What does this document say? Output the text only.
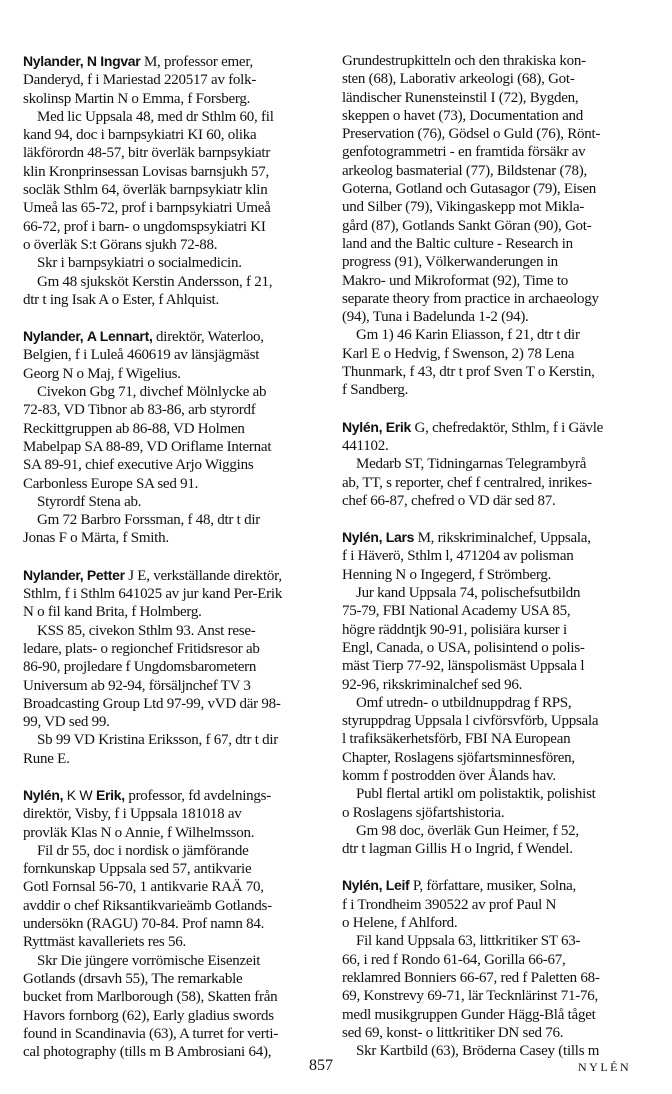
Nylander, N Ingvar M, professor emer,

Danderyd, f i Mariestad 220517 av folk-

skolinsp Martin N o Emma, f Forsberg.

Med lic Uppsala 48, med dr Sthlm 60, fil

kand 94, doc i barnpsykiatri KI 60, olika

läkförordn 48-57, bitr överläk barnpsykiatr

klin Kronprinsessan Lovisas barnsjukh 57,

socläk Sthlm 64, överläk barnpsykiatr klin

Umeå las 65-72, prof i barnpsykiatri Umeå

66-72, prof i barn- o ungdomspsykiatri KI

o överläk S:t Görans sjukh 72-88.

Skr i barnpsykiatri o socialmedicin.

Gm 48 sjuksköt Kerstin Andersson, f 21,

dtr t ing Isak A o Ester, f Ahlquist.

Nylander, A Lennart, direktör, Waterloo,

Belgien, f i Luleå 460619 av länsjägmäst

Georg N o Maj, f Wigelius.

Civekon Gbg 71, divchef Mölnlycke ab

72-83, VD Tibnor ab 83-86, arb styrordf

Reckittgruppen ab 86-88, VD Holmen

Mabelpap SA 88-89, VD Oriflame Internat

SA 89-91, chief executive Arjo Wiggins

Carbonless Europe SA sed 91.

Styrordf Stena ab.

Gm 72 Barbro Forssman, f 48, dtr t dir

Jonas F o Märta, f Smith.

Nylander, Petter J E, verkställande direktör,

Sthlm, f i Sthlm 641025 av jur kand Per-Erik

N o fil kand Brita, f Holmberg.

KSS 85, civekon Sthlm 93. Anst rese-

ledare, plats- o regionchef Fritidsresor ab

86-90, projledare f Ungdomsbarometern

Universum ab 92-94, försäljnchef TV 3

Broadcasting Group Ltd 97-99, vVD där 98-

99, VD sed 99.

Sb 99 VD Kristina Eriksson, f 67, dtr t dir

Rune E.

Nylén, K W Erik, professor, fd avdelnings-

direktör, Visby, f i Uppsala 181018 av

provläk Klas N o Annie, f Wilhelmsson.

Fil dr 55, doc i nordisk o jämförande

fornkunskap Uppsala sed 57, antikvarie

Gotl Fornsal 56-70, 1 antikvarie RAÄ 70,

avddir o chef Riksantikvarieämb Gotlands-

undersökn (RAGU) 70-84. Prof namn 84.

Ryttmäst kavalleriets res 56.

Skr Die jüngere vorrömische Eisenzeit

Gotlands (drsavh 55), The remarkable

bucket from Marlborough (58), Skatten från

Havors fornborg (62), Early gladius swords

found in Scandinavia (63), A turret for verti-

cal photography (tills m B Ambrosiani 64),

Grundestrupkitteln och den thrakiska kon-

sten (68), Laborativ arkeologi (68), Got-

ländischer Runensteinstil I (72), Bygden,

skeppen o havet (73), Documentation and

Preservation (76), Gödsel o Guld (76), Rönt-

genfotogrammetri - en framtida försäkr av

arkeolog basmaterial (77), Bildstenar (78),

Goterna, Gotland och Gutasagor (79), Eisen

und Silber (79), Vikingaskepp mot Mikla-

gård (87), Gotlands Sankt Göran (90), Got-

land and the Baltic culture - Research in

progress (91), Völkerwanderungen in

Makro- und Mikroformat (92), Time to

separate theory from practice in archaeology

(94), Tuna i Badelunda 1-2 (94).

Gm 1) 46 Karin Eliasson, f 21, dtr t dir

Karl E o Hedvig, f Swenson, 2) 78 Lena

Thunmark, f 43, dtr t prof Sven T o Kerstin,

f Sandberg.

Nylén, Erik G, chefredaktör, Sthlm, f i Gävle

441102.

Medarb ST, Tidningarnas Telegrambyrå

ab, TT, s reporter, chef f centralred, inrikes-

chef 66-87, chefred o VD där sed 87.

Nylén, Lars M, rikskriminalchef, Uppsala,

f i Häverö, Sthlm l, 471204 av polisman

Henning N o Ingegerd, f Strömberg.

Jur kand Uppsala 74, polischefsutbildn

75-79, FBI National Academy USA 85,

högre räddntjk 90-91, polisiära kurser i

Engl, Canada, o USA, polisintend o polis-

mäst Tierp 77-92, länspolismäst Uppsala l

92-96, rikskriminalchef sed 96.

Omf utredn- o utbildnuppdrag f RPS,

styruppdrag Uppsala l civförsvförb, Uppsala

l trafiksäkerhetsförb, FBI NA European

Chapter, Roslagens sjöfartsminnesfören,

komm f postrodden över Ålands hav.

Publ flertal artikl om polistaktik, polishist

o Roslagens sjöfartshistoria.

Gm 98 doc, överläk Gun Heimer, f 52,

dtr t lagman Gillis H o Ingrid, f Wendel.

Nylén, Leif P, författare, musiker, Solna,

f i Trondheim 390522 av prof Paul N

o Helene, f Ahlford.

Fil kand Uppsala 63, littkritiker ST 63-

66, i red f Rondo 61-64, Gorilla 66-67,

reklamred Bonniers 66-67, red f Paletten 68-

69, Konstrevy 69-71, lär Tecknlärinst 71-76,

medl musikgruppen Gunder Hägg-Blå tåget

sed 69, konst- o littkritiker DN sed 76.

Skr Kartbild (63), Bröderna Casey (tills m

857	NYLÉN
